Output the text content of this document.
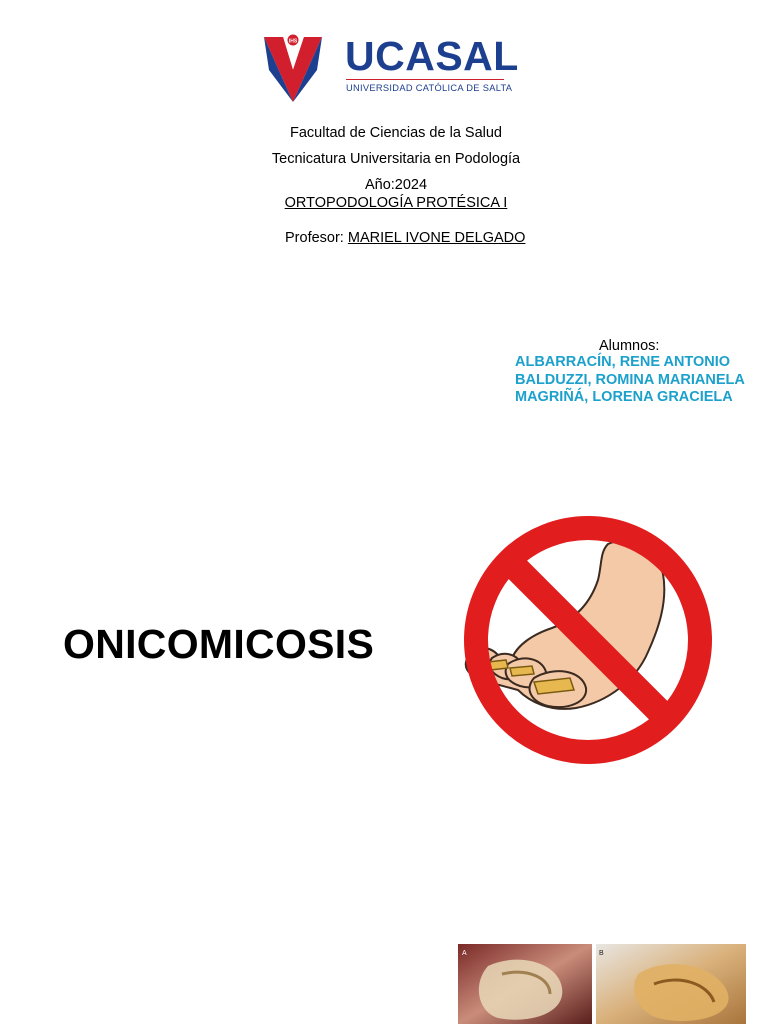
IHS UCASAL
UNIVERSIDAD CATÓLICA DE SALTA
Facultad de Ciencias de la Salud
Tecnicatura Universitaria en Podología
Año:2024
ORTOPODOLOGÍA PROTÉSICA I
Profesor: MARIEL IVONE DELGADO
Alumnos:
ALBARRACÍN, RENE ANTONIO
BALDUZZI, ROMINA MARIANELA
MAGRIÑÁ, LORENA GRACIELA
ONICOMICOSIS
A	B
